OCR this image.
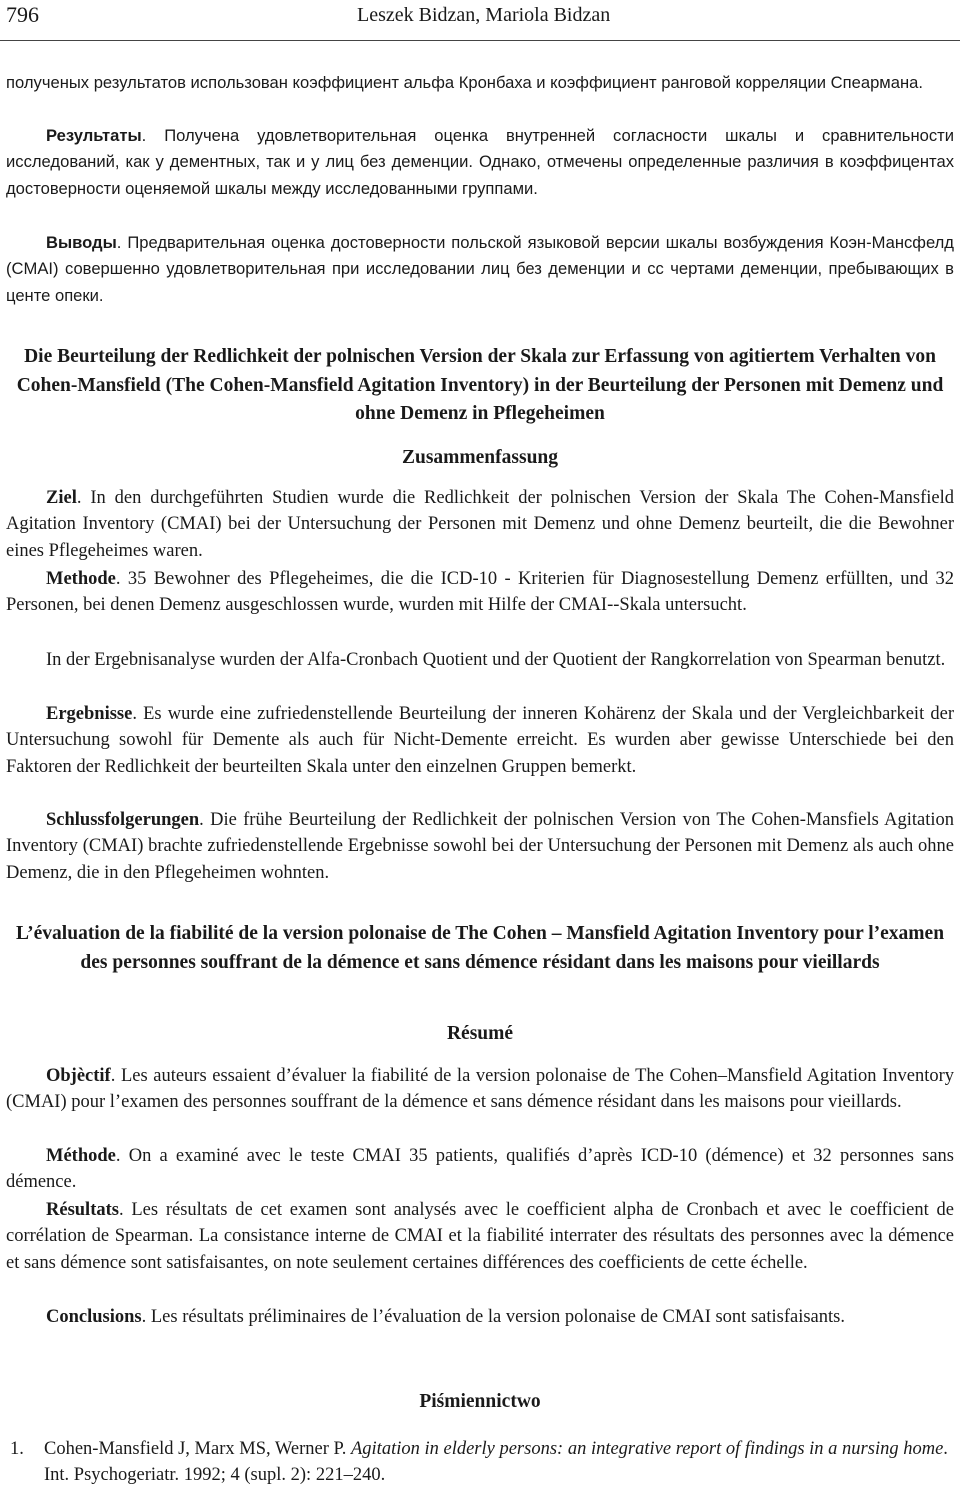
796	Leszek Bidzan, Mariola Bidzan

полученых результатов использован коэффициент альфа Кронбаха и коэффициент ранговой корреляции Спеармана.

Результаты. Получена удовлетворительная оценка внутренней согласности шкалы и сравнительности исследований, как у дементных, так и у лиц без деменции. Однако, отмечены определенные различия в коэффицентах достоверности оценяемой шкалы между исследованными группами.

Выводы. Предварительная оценка достоверности польской языковой версии шкалы возбуждения Коэн-Мансфелд (CMAI) совершенно удовлетворительная при исследовании лиц без деменции и сс чертами деменции, пребывающих в центе опеки.

Die Beurteilung der Redlichkeit der polnischen Version der Skala zur Erfassung von agitiertem Verhalten von Cohen-Mansfield (The Cohen-Mansfield Agitation Inventory) in der Beurteilung der Personen mit Demenz und ohne Demenz in Pflegeheimen
Zusammenfassung

Ziel. In den durchgeführten Studien wurde die Redlichkeit der polnischen Version der Skala The Cohen-Mansfield Agitation Inventory (CMAI) bei der Untersuchung der Personen mit Demenz und ohne Demenz beurteilt, die die Bewohner eines Pflegeheimes waren.

Methode. 35 Bewohner des Pflegeheimes, die die ICD-10 - Kriterien für Diagnosestellung Demenz erfüllten, und 32 Personen, bei denen Demenz ausgeschlossen wurde, wurden mit Hilfe der CMAI--Skala untersucht.

In der Ergebnisanalyse wurden der Alfa-Cronbach Quotient und der Quotient der Rangkorrelation von Spearman benutzt.

Ergebnisse. Es wurde eine zufriedenstellende Beurteilung der inneren Kohärenz der Skala und der Vergleichbarkeit der Untersuchung sowohl für Demente als auch für Nicht-Demente erreicht. Es wurden aber gewisse Unterschiede bei den Faktoren der Redlichkeit der beurteilten Skala unter den einzelnen Gruppen bemerkt.

Schlussfolgerungen. Die frühe Beurteilung der Redlichkeit der polnischen Version von The Cohen-Mansfiels Agitation Inventory (CMAI) brachte zufriedenstellende Ergebnisse sowohl bei der Untersuchung der Personen mit Demenz als auch ohne Demenz, die in den Pflegeheimen wohnten.

L’évaluation de la fiabilité de la version polonaise de The Cohen – Mansfield Agitation Inventory pour l’examen des personnes souffrant de la démence et sans démence résidant dans les maisons pour vieillards
Résumé

Objèctif. Les auteurs essaient d’évaluer la fiabilité de la version polonaise de The Cohen–Mansfield Agitation Inventory (CMAI) pour l’examen des personnes souffrant de la démence et sans démence résidant dans les maisons pour vieillards.

Méthode. On a examiné avec le teste CMAI 35 patients, qualifiés d’après ICD-10 (démence) et 32 personnes sans démence.

Résultats. Les résultats de cet examen sont analysés avec le coefficient alpha de Cronbach et avec le coefficient de corrélation de Spearman. La consistance interne de CMAI et la fiabilité interrater des résultats des personnes avec la démence et sans démence sont satisfaisantes, on note seulement certaines différences des coefficients de cette échelle.

Conclusions. Les résultats préliminaires de l’évaluation de la version polonaise de CMAI sont satisfaisants.

Piśmiennictwo
1. Cohen-Mansfield J, Marx MS, Werner P. Agitation in elderly persons: an integrative report of findings in a nursing home. Int. Psychogeriatr. 1992; 4 (supl. 2): 221–240.
